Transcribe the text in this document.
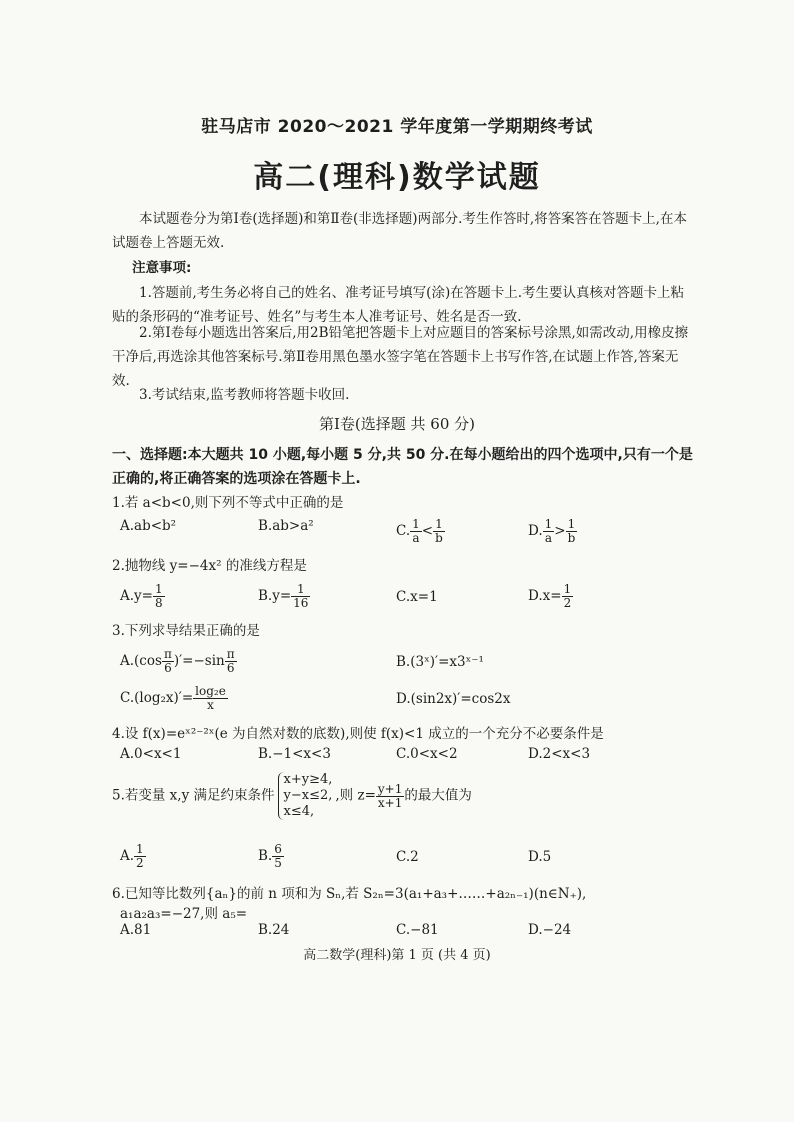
驻马店市 2020～2021 学年度第一学期期终考试
高二(理科)数学试题
本试题卷分为第Ⅰ卷(选择题)和第Ⅱ卷(非选择题)两部分.考生作答时,将答案答在答题卡上,在本试题卷上答题无效.
注意事项:
1.答题前,考生务必将自己的姓名、准考证号填写(涂)在答题卡上.考生要认真核对答题卡上粘贴的条形码的“准考证号、姓名”与考生本人准考证号、姓名是否一致.
2.第Ⅰ卷每小题选出答案后,用2B铅笔把答题卡上对应题目的答案标号涂黑,如需改动,用橡皮擦干净后,再选涂其他答案标号.第Ⅱ卷用黑色墨水签字笔在答题卡上书写作答,在试题上作答,答案无效.
3.考试结束,监考教师将答题卡收回.
第Ⅰ卷(选择题 共 60 分)
一、选择题:本大题共 10 小题,每小题 5 分,共 50 分.在每小题给出的四个选项中,只有一个是正确的,将正确答案的选项涂在答题卡上.
1.若 a<b<0,则下列不等式中正确的是
A.ab<b²	B.ab>a²	C. $\frac{1}{a} < \frac{1}{b}$	D. $\frac{1}{a} > \frac{1}{b}$
2.抛物线 y=−4x² 的准线方程是
$A.y= \frac{1}{8}$	$B.y= \frac{1}{16}$	C.x=1	$D.x= \frac{1}{2}$
3.下列求导结果正确的是
$A.(\cos \frac{\pi}{6} )'=-\sin \frac{\pi}{6}$	B.(3ˣ)′=x3ˣ⁻¹
$C.(\log_2x)'= \frac{\text{log₂e}}{x}$	D.(sin2x)′=cos2x
4.设 f(x)=eˣ²⁻²ˣ(e 为自然对数的底数),则使 f(x)<1 成立的一个充分不必要条件是
A.0<x<1	B.−1<x<3	C.0<x<2	D.2<x<3
5.若变量 x,y 满足约束条件
x+y≥4,
y−x≤2,
x≤4,
,则 $z= \frac{y+1}{x+1}$ 的最大值为
A. $\frac{1}{2}$	B. $\frac{6}{5}$	C.2	D.5
6.已知等比数列{aₙ}的前 n 项和为 Sₙ,若 S₂ₙ=3(a₁+a₃+……+a₂ₙ₋₁)(n∈N₊),
a₁a₂a₃=−27,则 a₅=
A.81	B.24	C.−81	D.−24
高二数学(理科)第 1 页 (共 4 页)
